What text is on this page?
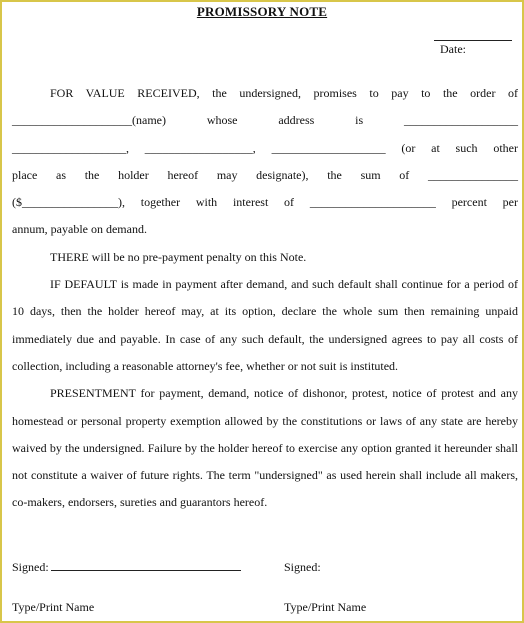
PROMISSORY NOTE
Date:
FOR VALUE RECEIVED, the undersigned, promises to pay to the order of
____________________(name) whose address is ___________________
___________________, __________________, ___________________ (or at such other
place as the holder hereof may designate), the sum of _______________
($________________), together with interest of _____________________ percent per
annum, payable on demand.

THERE will be no pre-payment penalty on this Note.

IF DEFAULT is made in payment after demand, and such default shall continue for a period of 10 days, then the holder hereof may, at its option, declare the whole sum then remaining unpaid immediately due and payable. In case of any such default, the undersigned agrees to pay all costs of collection, including a reasonable attorney's fee, whether or not suit is instituted.

PRESENTMENT for payment, demand, notice of dishonor, protest, notice of protest and any homestead or personal property exemption allowed by the constitutions or laws of any state are hereby waived by the undersigned. Failure by the holder hereof to exercise any option granted it hereunder shall not constitute a waiver of future rights. The term "undersigned" as used herein shall include all makers, co-makers, endorsers, sureties and guarantors hereof.

Signed:	Signed:
Type/Print Name	Type/Print Name
